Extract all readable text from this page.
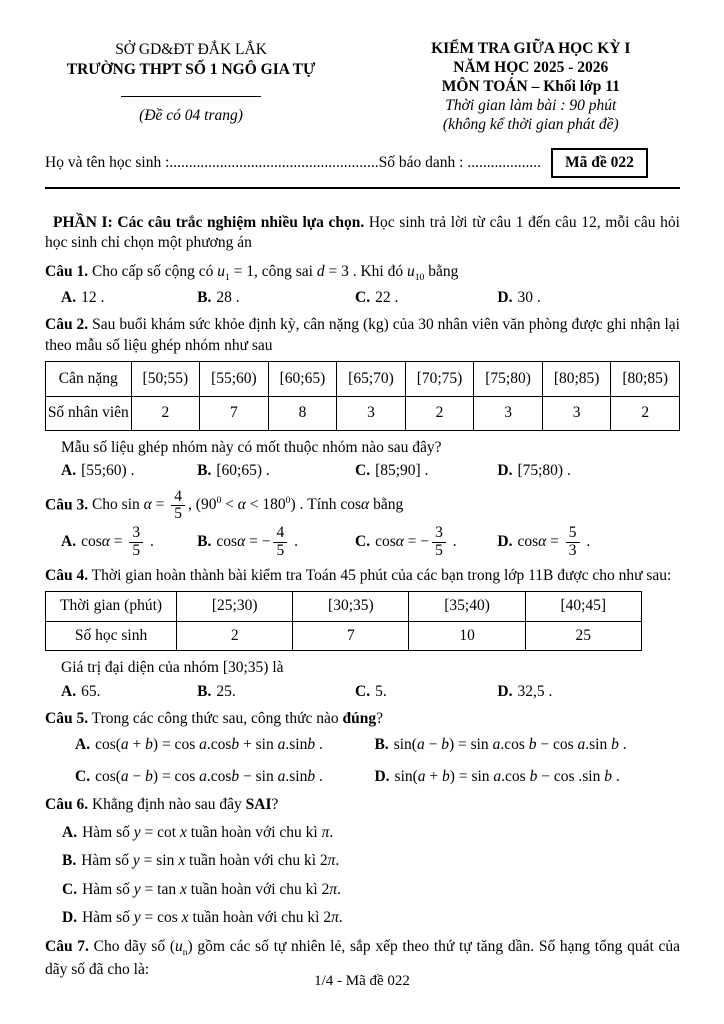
SỞ GD&ĐT ĐẮK LẮK
TRƯỜNG THPT SỐ 1 NGÔ GIA TỰ
(Đề có 04 trang)
KIỂM TRA GIỮA HỌC KỲ I
NĂM HỌC 2025 - 2026
MÔN TOÁN – Khối lớp 11
Thời gian làm bài : 90 phút
(không kể thời gian phát đề)
Họ và tên học sinh :...................................................... Số báo danh : ...................	Mã đề 022

PHẦN I: Các câu trắc nghiệm nhiều lựa chọn. Học sinh trả lời từ câu 1 đến câu 12, mỗi câu hỏi học sinh chỉ chọn một phương án

Câu 1. Cho cấp số cộng có $u_1 = 1$, công sai d = 3 . Khi đó $u_{10}$ bằng

A. 12 .	B. 28 .	C. 22 .	D. 30 .

Câu 2. Sau buổi khám sức khỏe định kỳ, cân nặng (kg) của 30 nhân viên văn phòng được ghi nhận lại theo mẫu số liệu ghép nhóm như sau

Cân nặng	[50;55)	[55;60)	[60;65)	[65;70)	[70;75)	[75;80)	[80;85)	[80;85)
Số nhân viên	2	7	8	3	2	3	3	2

Mẫu số liệu ghép nhóm này có mốt thuộc nhóm nào sau đây?

A. [55;60) .	B. [60;65) .	C. [85;90] .	D. [75;80) .

Câu 3. Cho $\sin \alpha = \frac{4}{5}$ , $(90^0 < \alpha < 180^0)$ . Tính cosα bằng

A. $\cos\alpha = \frac{3}{5}$ .	B. cosα = − $\frac{4}{5}$ .	C. cosα = − $\frac{3}{5}$ .	D. $\cos\alpha = \frac{5}{3}$ .

Câu 4. Thời gian hoàn thành bài kiểm tra Toán 45 phút của các bạn trong lớp 11B được cho như sau:

Thời gian (phút)	[25;30)	[30;35)	[35;40)	[40;45]
Số học sinh	2	7	10	25

Giá trị đại diện của nhóm [30;35) là

A. 65.	B. 25.	C. 5.	D. 32,5 .

Câu 5. Trong các công thức sau, công thức nào đúng?

A. cos(a + b) = cos a.cosb + sin a.sinb .	B. sin(a − b) = sin a.cos b − cos a.sin b .
C. cos(a − b) = cos a.cosb − sin a.sinb .	D. sin(a + b) = sin a.cos b − cos .sin b .

Câu 6. Khẳng định nào sau đây SAI?

A. Hàm số y = cot x tuần hoàn với chu kì π.
B. Hàm số y = sin x tuần hoàn với chu kì 2π.
C. Hàm số y = tan x tuần hoàn với chu kì 2π.
D. Hàm số y = cos x tuần hoàn với chu kì 2π.

Câu 7. Cho dãy số $(u_n)$ gồm các số tự nhiên lẻ, sắp xếp theo thứ tự tăng dần. Số hạng tổng quát của dãy số đã cho là:

1/4 - Mã đề 022
